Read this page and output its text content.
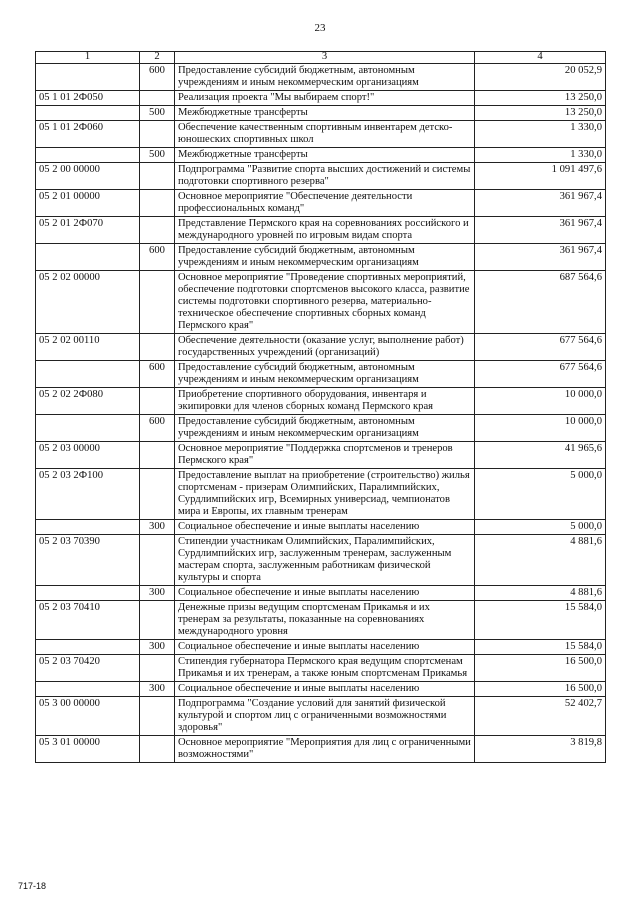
23
1	2	3	4
	600	Предоставление субсидий бюджетным, автономным учреждениям и иным некоммерческим организациям	20 052,9
05 1 01 2Ф050		Реализация проекта "Мы выбираем спорт!"	13 250,0
	500	Межбюджетные трансферты	13 250,0
05 1 01 2Ф060		Обеспечение качественным спортивным инвентарем детско-юношеских спортивных школ	1 330,0
	500	Межбюджетные трансферты	1 330,0
05 2 00 00000		Подпрограмма "Развитие спорта высших достижений и системы подготовки спортивного резерва"	1 091 497,6
05 2 01 00000		Основное мероприятие "Обеспечение деятельности профессиональных команд"	361 967,4
05 2 01 2Ф070		Представление Пермского края на соревнованиях российского и международного уровней по игровым видам спорта	361 967,4
	600	Предоставление субсидий бюджетным, автономным учреждениям и иным некоммерческим организациям	361 967,4
05 2 02 00000		Основное мероприятие "Проведение спортивных мероприятий, обеспечение подготовки спортсменов высокого класса, развитие системы подготовки спортивного резерва, материально-техническое обеспечение спортивных сборных команд Пермского края"	687 564,6
05 2 02 00110		Обеспечение деятельности (оказание услуг, выполнение работ) государственных учреждений (организаций)	677 564,6
	600	Предоставление субсидий бюджетным, автономным учреждениям и иным некоммерческим организациям	677 564,6
05 2 02 2Ф080		Приобретение спортивного оборудования, инвентаря и экипировки для членов сборных команд Пермского края	10 000,0
	600	Предоставление субсидий бюджетным, автономным учреждениям и иным некоммерческим организациям	10 000,0
05 2 03 00000		Основное мероприятие "Поддержка спортсменов и тренеров Пермского края"	41 965,6
05 2 03 2Ф100		Предоставление выплат на приобретение (строительство) жилья спортсменам - призерам Олимпийских, Паралимпийских, Сурдлимпийских игр, Всемирных универсиад, чемпионатов мира и Европы, их главным тренерам	5 000,0
	300	Социальное обеспечение и иные выплаты населению	5 000,0
05 2 03 70390		Стипендии участникам Олимпийских, Паралимпийских, Сурдлимпийских игр, заслуженным тренерам, заслуженным мастерам спорта, заслуженным работникам физической культуры и спорта	4 881,6
	300	Социальное обеспечение и иные выплаты населению	4 881,6
05 2 03 70410		Денежные призы ведущим спортсменам Прикамья и их тренерам за результаты, показанные на соревнованиях международного уровня	15 584,0
	300	Социальное обеспечение и иные выплаты населению	15 584,0
05 2 03 70420		Стипендия губернатора Пермского края ведущим спортсменам Прикамья и их тренерам, а также юным спортсменам Прикамья	16 500,0
	300	Социальное обеспечение и иные выплаты населению	16 500,0
05 3 00 00000		Подпрограмма "Создание условий для занятий физической культурой и спортом лиц с ограниченными возможностями здоровья"	52 402,7
05 3 01 00000		Основное мероприятие "Мероприятия для лиц с ограниченными возможностями"	3 819,8
717-18
